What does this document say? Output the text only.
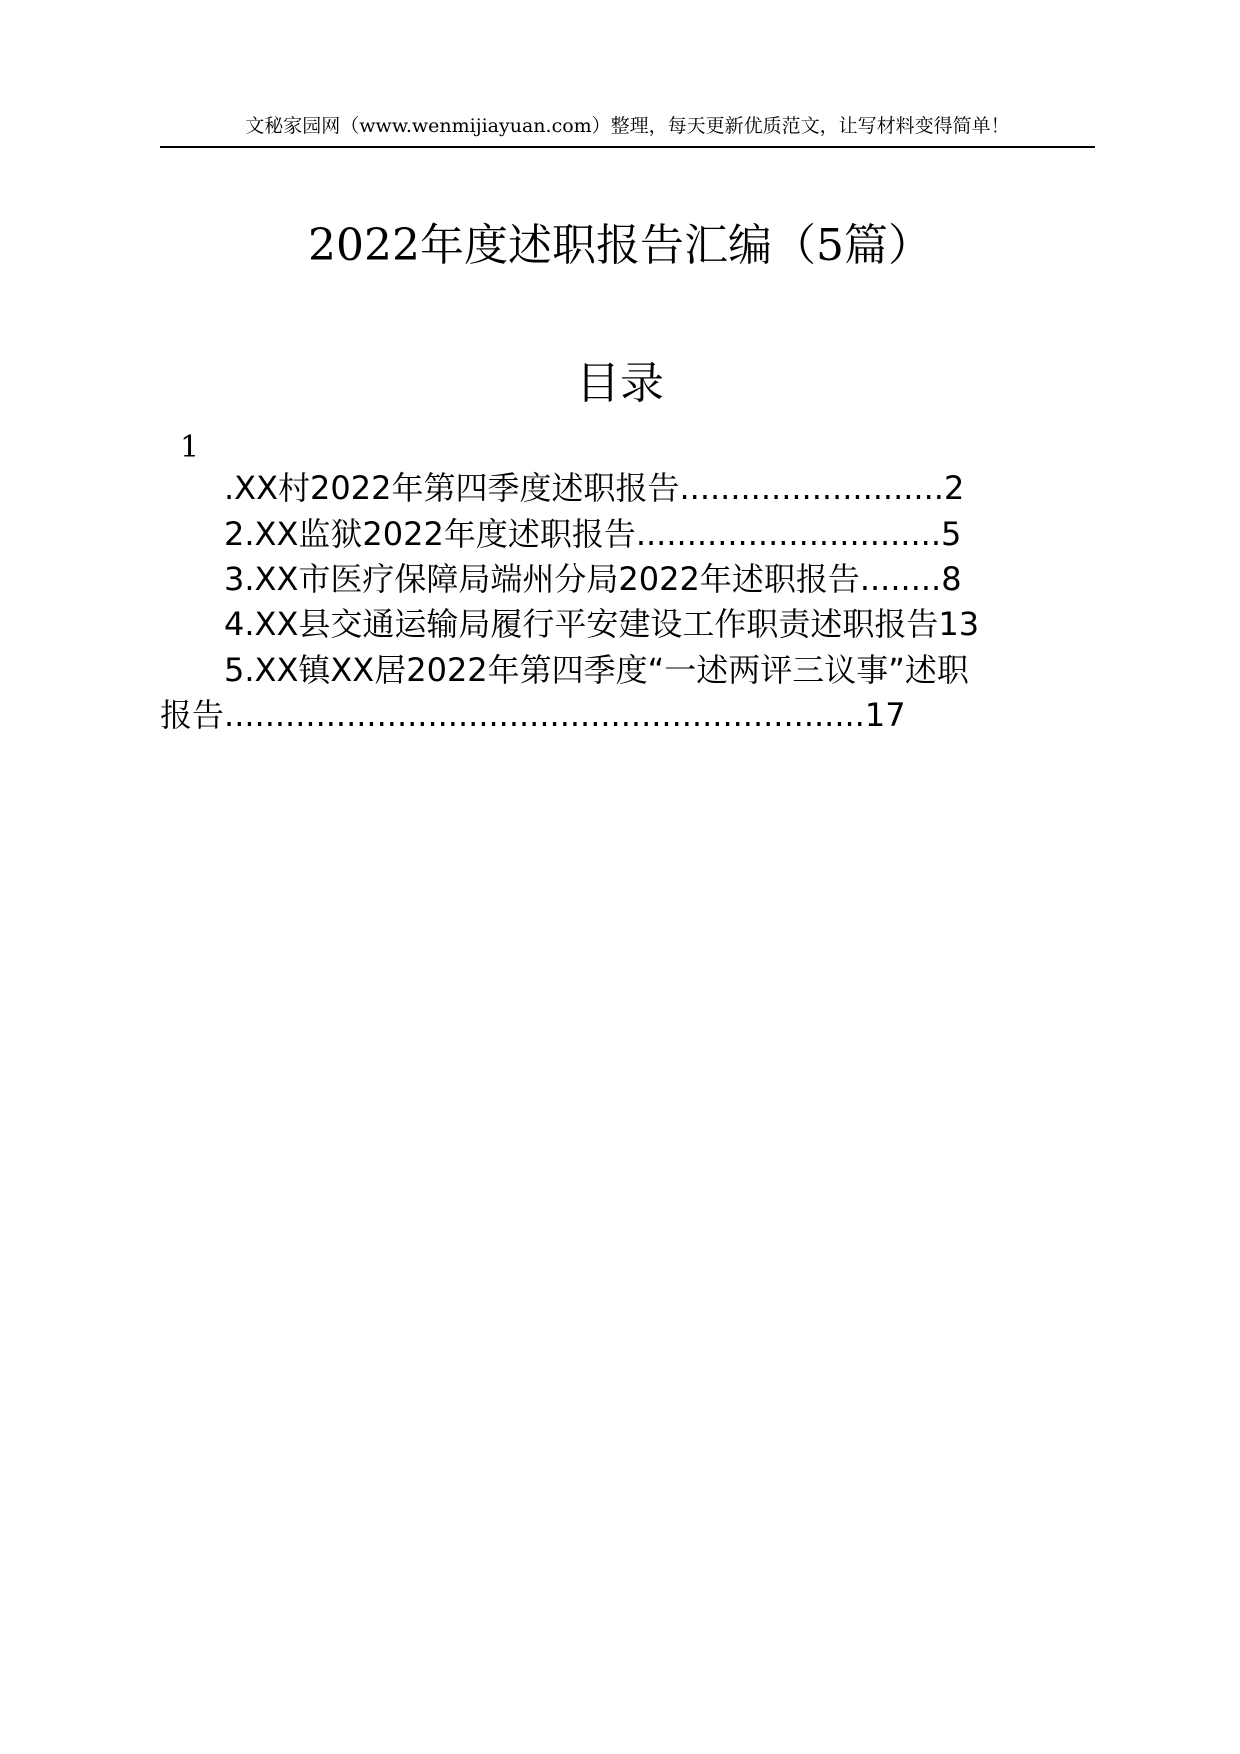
文秘家园网（www.wenmijiayuan.com）整理，每天更新优质范文，让写材料变得简单！
2022年度述职报告汇编（5篇）
目录
1
.XX村2022年第四季度述职报告..........................2
2.XX监狱2022年度述职报告..............................5
3.XX市医疗保障局端州分局2022年述职报告........8
4.XX县交通运输局履行平安建设工作职责述职报告13
5.XX镇XX居2022年第四季度“一述两评三议事”述职
报告...............................................................17
